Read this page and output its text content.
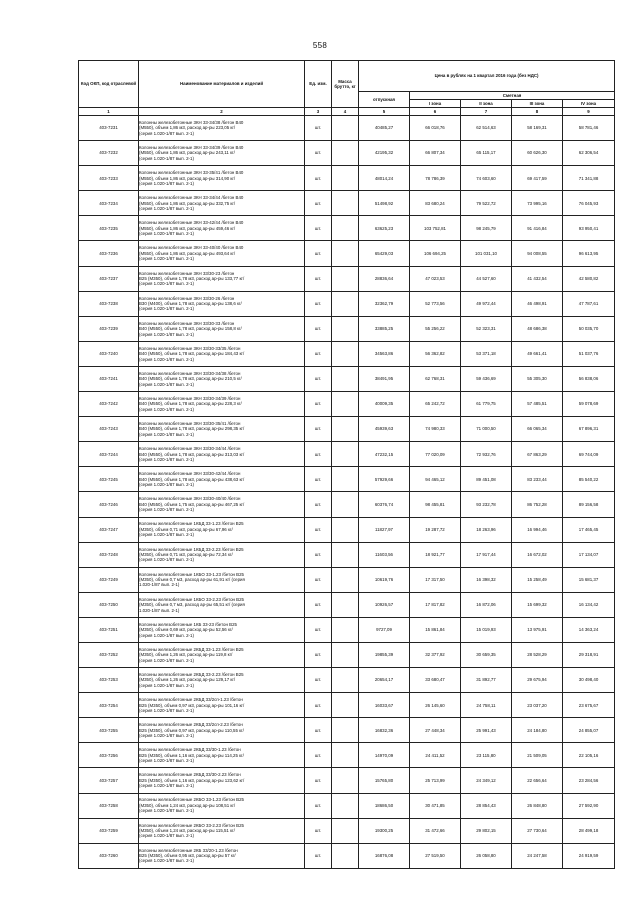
558
Код ОКП, код отраслевой	Наименование материалов и изделий	Ед. изм.	Масса брутто, кг	Цена в рублях на 1 квартал 2016 года (без НДС)				
				отпускная	Сметная			
					I зона	II зона	III зона	IV зона
1	2	3	4	5	6	7	8	9
403-7231	Колонны железобетонные 3КН 33-34/38 /бетон В40
(М550), объем 1,86 м3, расход ар-ры 223,05 кг/
(серия 1.020-1/87 вып. 2-1)	шт.		40485,27	66 018,76	62 514,63	58 169,31	58 781,46
403-7232	Колонны железобетонные 3КН 33-34/39 /бетон В40
(М550), объем 1,86 м3, расход ар-ры 243,11 кг/
(серия 1.020-1/87 вып. 2-1)	шт.		42195,32	66 807,34	65 115,17	60 626,30	62 306,54
403-7233	Колонны железобетонные 3КН 33-35/41 /бетон В40
(М550), объем 1,86 м3, расход ар-ры 314,90 кг/
(серия 1.020-1/87 вып. 2-1)	шт.		48014,24	78 786,39	74 603,60	69 417,59	71 341,88
403-7234	Колонны железобетонные 3КН 33-34/44 /бетон В40
(М550), объем 1,86 м3, расход ар-ры 332,75 кг/
(серия 1.020-1/87 вып. 2-1)	шт.		51498,92	83 680,24	79 522,72	73 995,16	76 045,93
403-7235	Колонны железобетонные 3КН 33-42/44 /бетон В40
(М550), объем 1,86 м3, расход ар-ры 459,46 кг/
(серия 1.020-1/87 вып. 2-1)	шт.		63625,23	103 752,81	98 245,79	91 416,84	93 950,41
403-7236	Колонны железобетонные 3КН 33-40/40 /бетон В40
(М550), объем 1,86 м3, расход ар-ры 493,64 кг/
(серия 1.020-1/87 вып. 2-1)	шт.		65429,03	106 694,25	101 031,10	94 008,55	96 613,95
403-7237	Колонны железобетонные 3КН 33/30-23 /бетон
В25 (М350), объем 1,78 м3, расход ар-ры 133,77 кг/
(серия 1.020-1/87 вып. 2-1)	шт.		28836,64	47 023,53	44 527,60	41 432,54	42 580,82
403-7238	Колонны железобетонные 3КН 33/30-26 /бетон
В30 (М400), объем 1,78 м3, расход ар-ры 138,6 кг/
(серия 1.020-1/87 вып. 2-1)	шт.		32362,79	52 773,56	49 972,44	46 498,91	47 787,61
403-7239	Колонны железобетонные 3КН 33/30-33 /бетон
В40 (М550), объем 1,78 м3, расход ар-ры 158,8 кг/
(серия 1.020-1/87 вып. 2-1)	шт.		33885,25	55 256,22	52 323,31	48 686,38	50 035,70
403-7240	Колонны железобетонные 3КН 33/30-33/35 /бетон
В40 (М550), объем 1,78 м3, расход ар-ры 184,43 кг/
(серия 1.020-1/87 вып. 2-1)	шт.		34563,86	56 362,82	53 371,18	49 661,41	51 037,76
403-7241	Колонны железобетонные 3КН 33/30-34/38 /бетон
В40 (М550), объем 1,78 м3, расход ар-ры 210,5 кг/
(серия 1.020-1/87 вып. 2-1)	шт.		38491,95	62 768,31	59 436,69	55 305,30	56 838,06
403-7242	Колонны железобетонные 3КН 33/30-34/39 /бетон
В40 (М550), объем 1,78 м3, расход ар-ры 228,3 кг/
(серия 1.020-1/87 вып. 2-1)	шт.		40009,35	65 242,72	61 779,75	57 485,51	59 078,69
403-7243	Колонны железобетонные 3КН 33/30-35/41 /бетон
В40 (М550), объем 1,78 м3, расход ар-ры 298,35 кг/
(серия 1.020-1/87 вып. 2-1)	шт.		45939,63	74 980,33	71 000,50	66 065,34	67 896,31
403-7244	Колонны железобетонные 3КН 33/30-34/44 /бетон
В40 (М550), объем 1,78 м3, расход ар-ры 313,03 кг/
(серия 1.020-1/87 вып. 2-1)	шт.		47232,15	77 020,09	72 932,76	67 863,29	69 744,09
403-7245	Колонны железобетонные 3КН 33/30-42/44 /бетон
В40 (М550), объем 1,78 м3, расход ар-ры 438,63 кг/
(серия 1.020-1/87 вып. 2-1)	шт.		57929,66	94 465,12	89 451,08	83 233,44	85 540,22
403-7246	Колонны железобетонные 3КН 33/30-40/40 /бетон
В40 (М550), объем 1,75 м3, расход ар-ры 467,25 кг/
(серия 1.020-1/87 вып. 2-1)	шт.		60376,74	98 455,81	93 232,78	86 752,28	89 156,58
403-7247	Колонны железобетонные 1КБД 33-1.23 /бетон В25
(М350), объем 0,71 м3, расход ар-ры 67,96 кг/
(серия 1.020-1/87 вып. 2-1)	шт.		11827,97	19 287,72	18 263,96	16 994,46	17 465,45
403-7248	Колонны железобетонные 1КБД 33-2.23 /бетон В25
(М350), объем 0,71 м3, расход ар-ры 72,34 кг/
(серия 1.020-1/87 вып. 2-1)	шт.		11603,56	18 921,77	17 917,44	16 672,02	17 134,07
403-7249	Колонны железобетонные 1КБО 33-1.23 /бетон В25
(М350), объем 0,7 м3, расход ар-ры 61,91 кг/ (серия
1.020-1/87 вып. 2-1)	шт.		10619,76	17 317,50	16 398,32	15 258,49	15 681,37
403-7250	Колонны железобетонные 1КБО 33-2.23 /бетон В25
(М350), объем 0,7 м3, расход ар-ры 65,51 кг/ (серия
1.020-1/87 вып. 2-1)	шт.		10926,57	17 817,82	16 872,06	15 699,32	16 134,42
403-7251	Колонны железобетонные 1КБ 33-23 /бетон В25
(М350), объем 0,69 м3, расход ар-ры 52,56 кг/
(серия 1.020-1/87 вып. 2-1)	шт.		9727,09	15 861,84	15 019,93	13 975,91	14 363,24
403-7252	Колонны железобетонные 2КБД 33-1.23 /бетон В25
(М350), объем 1,26 м3, расход ар-ры 119,8 кг/
(серия 1.020-1/87 вып. 2-1)	шт.		19855,39	32 377,92	30 659,35	28 528,29	29 318,91
403-7253	Колонны железобетонные 2КБД 33-2.23 /бетон В25
(М350), объем 1,26 м3, расход ар-ры 129,17 кг/
(серия 1.020-1/87 вып. 2-1)	шт.		20654,17	33 680,47	31 892,77	29 675,94	30 498,40
403-7254	Колонны железобетонные 2КБД 33/2сп-1.23 /бетон
В25 (М350), объем 0,97 м3, расход ар-ры 101,16 кг/
(серия 1.020-1/87 вып. 2-1)	шт.		16033,67	26 145,60	24 758,11	23 037,20	23 675,67
403-7255	Колонны железобетонные 2КБД 33/2сп-2.23 /бетон
В25 (М350), объем 0,97 м3, расход ар-ры 110,55 кг/
(серия 1.020-1/87 вып. 2-1)	шт.		16832,36	27 448,34	25 991,43	24 184,80	24 855,07
403-7256	Колонны железобетонные 2КБД 33/30-1.23 /бетон
В25 (М350), объем 1,16 м3, расход ар-ры 114,25 кг/
(серия 1.020-1/87 вып. 2-1)	шт.		14970,09	24 411,52	23 115,80	21 509,05	22 105,16
403-7257	Колонны железобетонные 2КБД 33/30-2.23 /бетон
В25 (М350), объем 1,16 м3, расход ар-ры 123,62 кг/
(серия 1.020-1/87 вып. 2-1)	шт.		15765,80	25 713,99	24 349,12	22 656,64	23 284,56
403-7258	Колонны железобетонные 2КБО 33-1.23 /бетон В25
(М350), объем 1,24 м3, расход ар-ры 108,51 кг/
(серия 1.020-1/87 вып. 2-1)	шт.		18686,50	30 471,85	28 854,43	26 848,80	27 592,90
403-7259	Колонны железобетонные 2КБО 33-2.23 /бетон В25
(М350), объем 1,24 м3, расход ар-ры 115,51 кг/
(серия 1.020-1/87 вып. 2-1)	шт.		19300,25	31 472,66	29 802,15	27 730,64	28 499,18
403-7260	Колонны железобетонные 2КБ 33/20-1.23 /бетон
В25 (М350), объем 0,95 м3, расход ар-ры 57 кг/
(серия 1.020-1/87 вып. 2-1)	шт.		16876,08	27 519,50	26 058,80	24 247,58	24 919,59
